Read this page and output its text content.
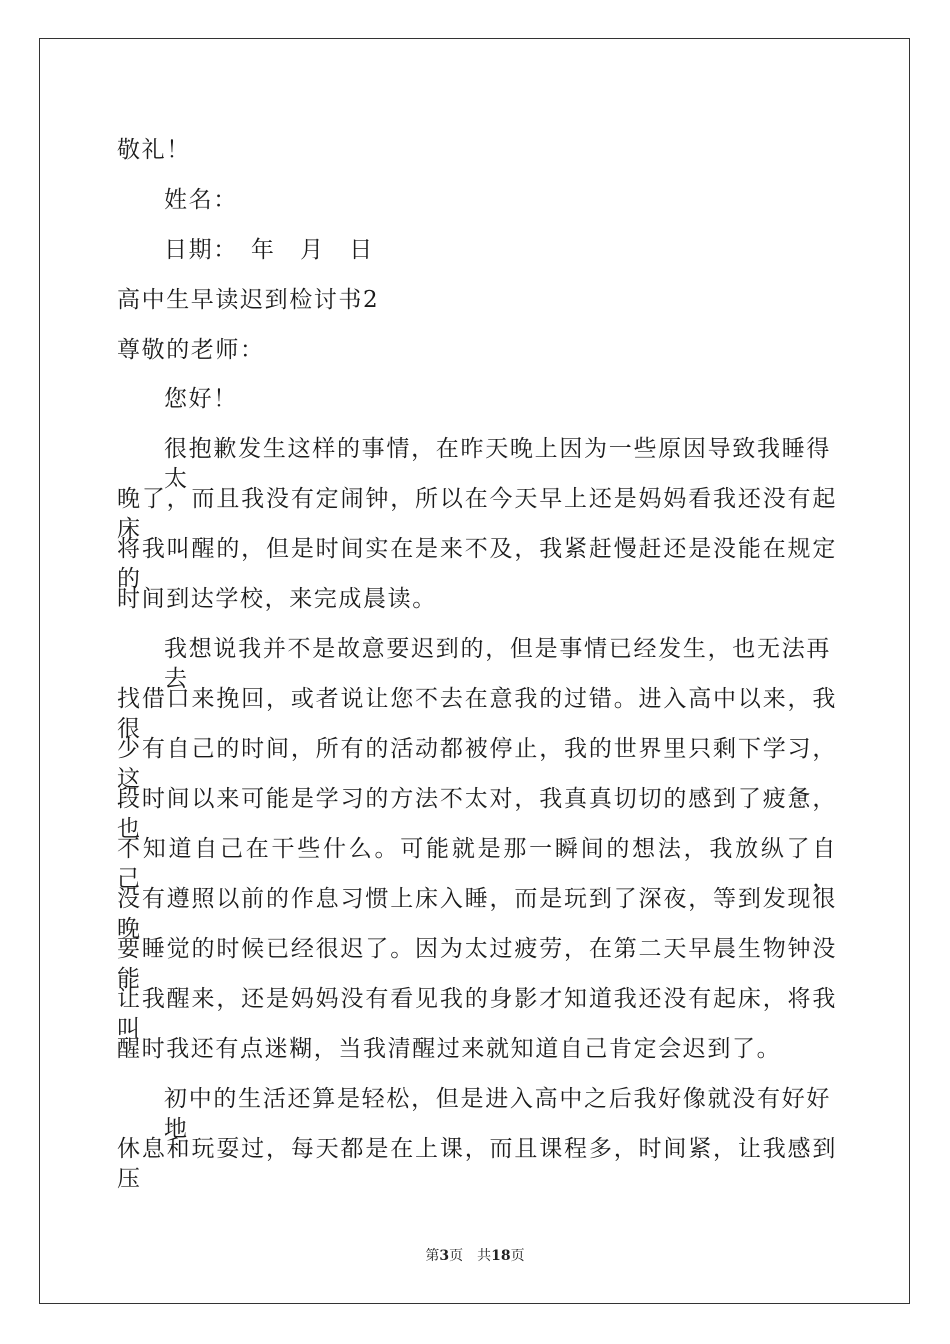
敬礼！
姓名：
日期：　年　月　日
高中生早读迟到检讨书2
尊敬的老师：
您好！
很抱歉发生这样的事情，在昨天晚上因为一些原因导致我睡得太
晚了，而且我没有定闹钟，所以在今天早上还是妈妈看我还没有起床
将我叫醒的，但是时间实在是来不及，我紧赶慢赶还是没能在规定的
时间到达学校，来完成晨读。
我想说我并不是故意要迟到的，但是事情已经发生，也无法再去
找借口来挽回，或者说让您不去在意我的过错。进入高中以来，我很
少有自己的时间，所有的活动都被停止，我的世界里只剩下学习，这
段时间以来可能是学习的方法不太对，我真真切切的感到了疲惫，也
不知道自己在干些什么。可能就是那一瞬间的想法，我放纵了自己，
没有遵照以前的作息习惯上床入睡，而是玩到了深夜，等到发现很晚
要睡觉的时候已经很迟了。因为太过疲劳，在第二天早晨生物钟没能
让我醒来，还是妈妈没有看见我的身影才知道我还没有起床，将我叫
醒时我还有点迷糊，当我清醒过来就知道自己肯定会迟到了。
初中的生活还算是轻松，但是进入高中之后我好像就没有好好地
休息和玩耍过，每天都是在上课，而且课程多，时间紧，让我感到压
第3页 共18页
